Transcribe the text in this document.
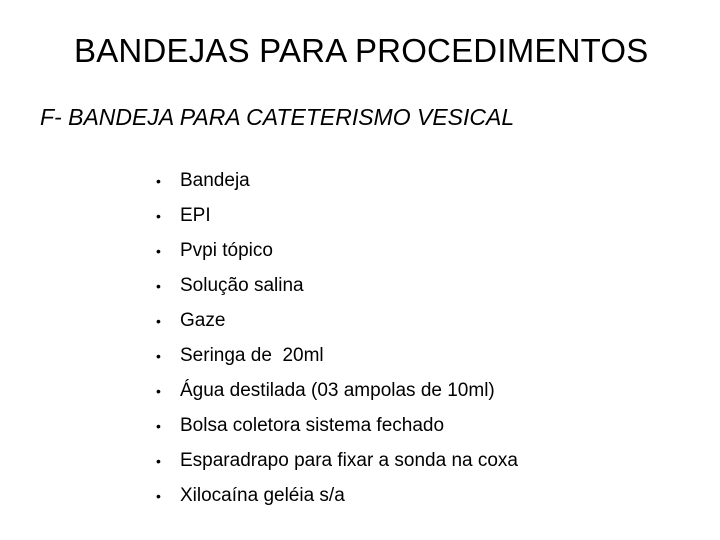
BANDEJAS PARA PROCEDIMENTOS
F- BANDEJA PARA CATETERISMO VESICAL
•	Bandeja
•	EPI
•	Pvpi tópico
•	Solução salina
•	Gaze
•	Seringa de  20ml
•	Água destilada (03 ampolas de 10ml)
•	Bolsa coletora sistema fechado
•	Esparadrapo para fixar a sonda na coxa
•	Xilocaína geléia s/a
